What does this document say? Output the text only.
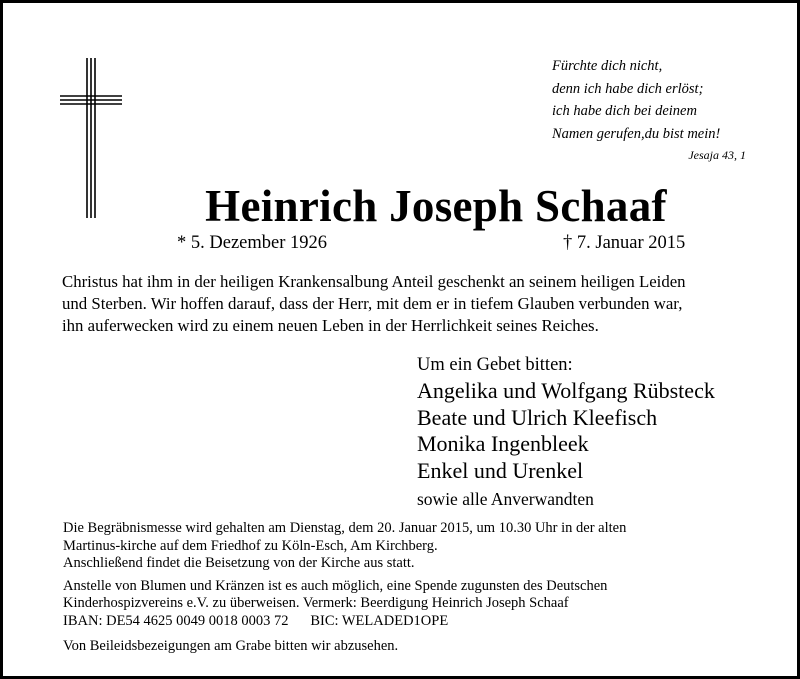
Fürchte dich nicht,
denn ich habe dich erlöst;
ich habe dich bei deinem
Namen gerufen,du bist mein!
Jesaja 43, 1
Heinrich Joseph Schaaf
* 5. Dezember 1926	† 7. Januar 2015
Christus hat ihm in der heiligen Krankensalbung Anteil geschenkt an seinem heiligen Leiden
und Sterben. Wir hoffen darauf, dass der Herr, mit dem er in tiefem Glauben verbunden war,
ihn auferwecken wird zu einem neuen Leben in der Herrlichkeit seines Reiches.
Um ein Gebet bitten:
Angelika und Wolfgang Rübsteck
Beate und Ulrich Kleefisch
Monika Ingenbleek
Enkel und Urenkel
sowie alle Anverwandten
Die Begräbnismesse wird gehalten am Dienstag, dem 20. Januar 2015, um 10.30 Uhr in der alten
Martinus-kirche auf dem Friedhof zu Köln-Esch, Am Kirchberg.
Anschließend findet die Beisetzung von der Kirche aus statt.
Anstelle von Blumen und Kränzen ist es auch möglich, eine Spende zugunsten des Deutschen
Kinderhospizvereins e.V. zu überweisen. Vermerk: Beerdigung Heinrich Joseph Schaaf
IBAN: DE54 4625 0049 0018 0003 72 BIC: WELADED1OPE
Von Beileidsbezeigungen am Grabe bitten wir abzusehen.
